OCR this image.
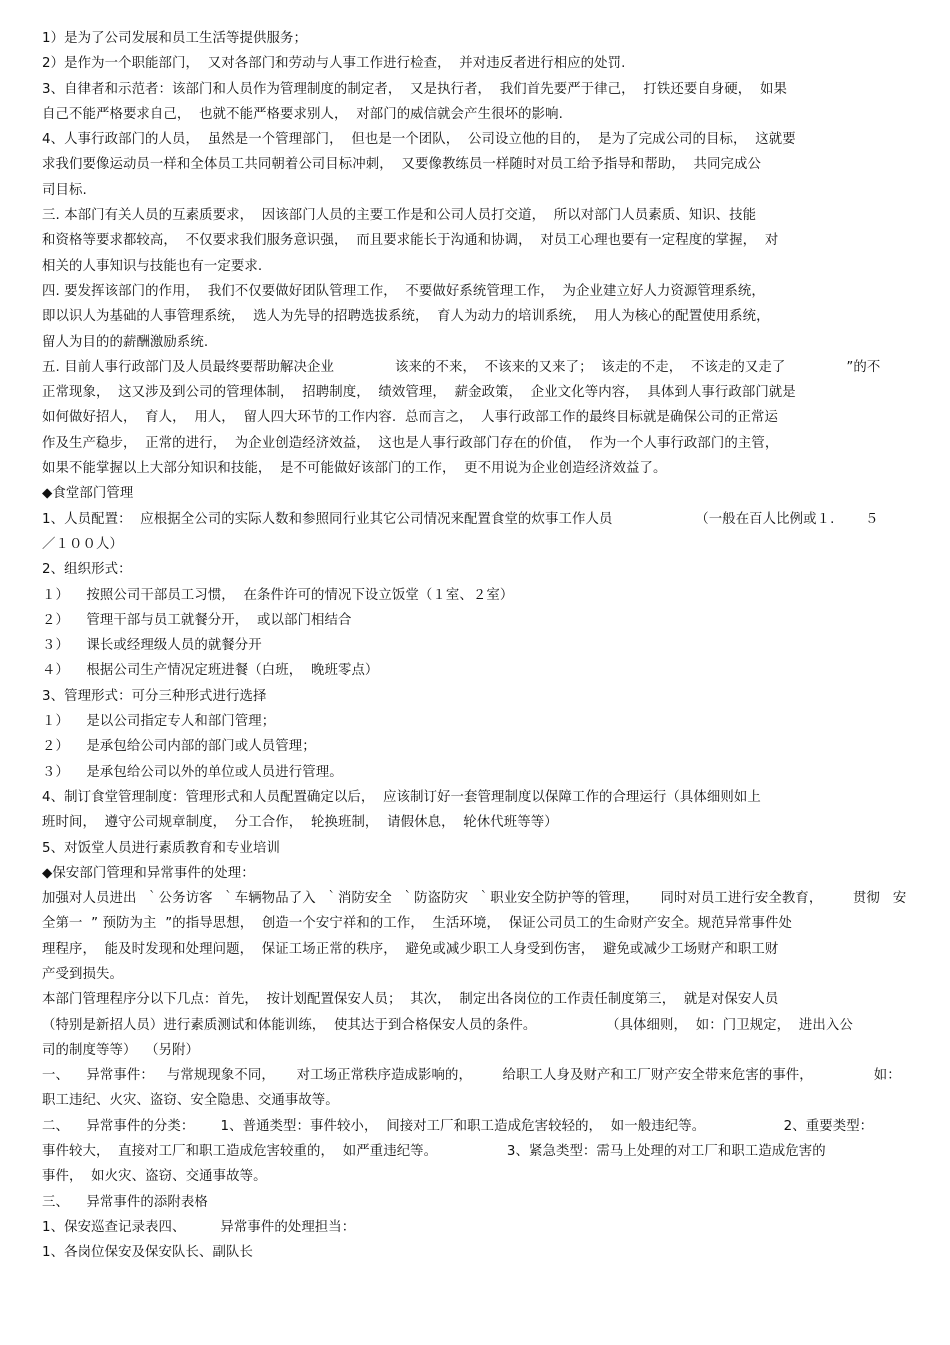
1）是为了公司发展和员工生活等提供服务；
2）是作为一个职能部门，  又对各部门和劳动与人事工作进行检查，  并对违反者进行相应的处罚.
3、自律者和示范者：该部门和人员作为管理制度的制定者，  又是执行者，  我们首先要严于律己，  打铁还要自身硬，  如果
自己不能严格要求自己，  也就不能严格要求别人，  对部门的威信就会产生很坏的影响.
4、人事行政部门的人员，  虽然是一个管理部门，  但也是一个团队，  公司设立他的目的，  是为了完成公司的目标，  这就要
求我们要像运动员一样和全体员工共同朝着公司目标冲刺，  又要像教练员一样随时对员工给予指导和帮助，  共同完成公
司目标.
三. 本部门有关人员的互素质要求，  因该部门人员的主要工作是和公司人员打交道，  所以对部门人员素质、知识、技能
和资格等要求都较高，  不仅要求我们服务意识强，  而且要求能长于沟通和协调，  对员工心理也要有一定程度的掌握，  对
相关的人事知识与技能也有一定要求.
四. 要发挥该部门的作用，  我们不仅要做好团队管理工作，  不要做好系统管理工作，  为企业建立好人力资源管理系统，
即以识人为基础的人事管理系统，  选人为先导的招聘选拔系统，  育人为动力的培训系统，  用人为核心的配置使用系统，
留人为目的的薪酬激励系统.
五. 目前人事行政部门及人员最终要帮助解决企业              该来的不来，  不该来的又来了；  该走的不走，  不该走的又走了              ”的不
正常现象，  这又涉及到公司的管理体制，  招聘制度，  绩效管理，  薪金政策，  企业文化等内容，  具体到人事行政部门就是
如何做好招人，  育人，  用人，  留人四大环节的工作内容.  总而言之，  人事行政部工作的最终目标就是确保公司的正常运
作及生产稳步，  正常的进行，  为企业创造经济效益，  这也是人事行政部门存在的价值，  作为一个人事行政部门的主管，
如果不能掌握以上大部分知识和技能，  是不可能做好该部门的工作，  更不用说为企业创造经济效益了。
◆食堂部门管理
1、人员配置：  应根据全公司的实际人数和参照同行业其它公司情况来配置食堂的炊事工作人员                   （一般在百人比例或１.       ５
／１００人）
2、组织形式：
１）    按照公司干部员工习惯，  在条件许可的情况下设立饭堂（１室、２室）
２）    管理干部与员工就餐分开，  或以部门相结合
３）    课长或经理级人员的就餐分开
４）    根据公司生产情况定班进餐（白班，  晚班零点）
3、管理形式：可分三种形式进行选择
１）    是以公司指定专人和部门管理；
２）    是承包给公司内部的部门或人员管理；
３）    是承包给公司以外的单位或人员进行管理。
4、制订食堂管理制度：管理形式和人员配置确定以后，  应该制订好一套管理制度以保障工作的合理运行（具体细则如上
班时间，  遵守公司规章制度，  分工合作，  轮换班制，  请假休息，  轮休代班等等）
5、对饭堂人员进行素质教育和专业培训
◆保安部门管理和异常事件的处理：
加强对人员进出  ｀公务访客  ｀车辆物品了入  ｀消防安全  ｀防盗防灾  ｀职业安全防护等的管理，     同时对员工进行安全教育，       贯彻   安
全第一  ” 预防为主  ”的指导思想，  创造一个安宁祥和的工作，  生活环境，  保证公司员工的生命财产安全。规范异常事件处
理程序，  能及时发现和处理问题，  保证工场正常的秩序，  避免或减少职工人身受到伤害，  避免或减少工场财产和职工财
产受到损失。
本部门管理程序分以下几点：首先，  按计划配置保安人员；  其次，  制定出各岗位的工作责任制度第三，  就是对保安人员
（特别是新招人员）进行素质测试和体能训练，  使其达于到合格保安人员的条件。                （具体细则，  如：门卫规定，  进出入公
司的制度等等）  （另附）
一、    异常事件：   与常规现象不同，     对工场正常秩序造成影响的，       给职工人身及财产和工厂财产安全带来危害的事件，              如：
职工违纪、火灾、盗窃、安全隐患、交通事故等。
二、    异常事件的分类：      1、普通类型：事件较小，  间接对工厂和职工造成危害较轻的，  如一般违纪等。                  2、重要类型：
事件较大，  直接对工厂和职工造成危害较重的，  如严重违纪等。                3、紧急类型：需马上处理的对工厂和职工造成危害的
事件，  如火灾、盗窃、交通事故等。
三、    异常事件的添附表格
1、保安巡查记录表四、        异常事件的处理担当：
1、各岗位保安及保安队长、副队长
